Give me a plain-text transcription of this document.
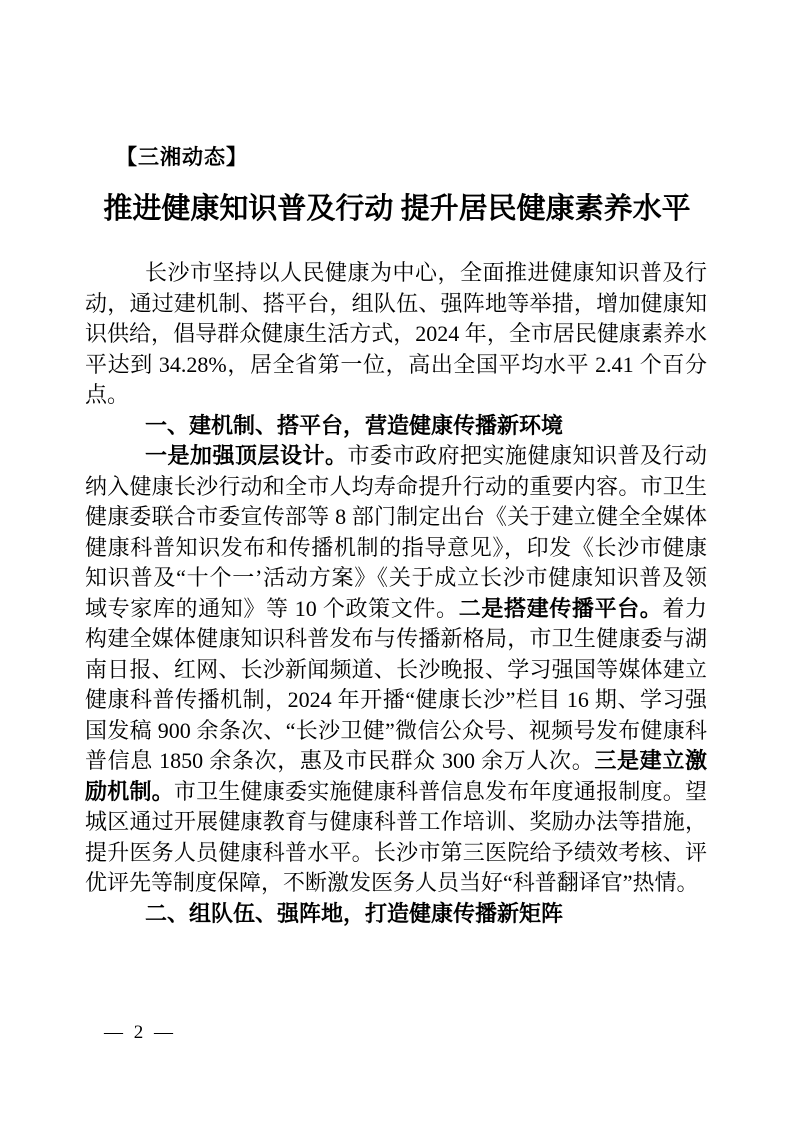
【三湘动态】
推进健康知识普及行动 提升居民健康素养水平

长沙市坚持以人民健康为中心，全面推进健康知识普及行动，通过建机制、搭平台，组队伍、强阵地等举措，增加健康知识供给，倡导群众健康生活方式，2024 年，全市居民健康素养水平达到 34.28%，居全省第一位，高出全国平均水平 2.41 个百分点。

一、建机制、搭平台，营造健康传播新环境

一是加强顶层设计。市委市政府把实施健康知识普及行动纳入健康长沙行动和全市人均寿命提升行动的重要内容。市卫生健康委联合市委宣传部等 8 部门制定出台《关于建立健全全媒体健康科普知识发布和传播机制的指导意见》，印发《长沙市健康知识普及“十个一’活动方案》《关于成立长沙市健康知识普及领域专家库的通知》等 10 个政策文件。二是搭建传播平台。着力构建全媒体健康知识科普发布与传播新格局，市卫生健康委与湖南日报、红网、长沙新闻频道、长沙晚报、学习强国等媒体建立健康科普传播机制，2024 年开播“健康长沙”栏目 16 期、学习强国发稿 900 余条次、“长沙卫健”微信公众号、视频号发布健康科普信息 1850 余条次，惠及市民群众 300 余万人次。三是建立激励机制。市卫生健康委实施健康科普信息发布年度通报制度。望城区通过开展健康教育与健康科普工作培训、奖励办法等措施，提升医务人员健康科普水平。长沙市第三医院给予绩效考核、评优评先等制度保障，不断激发医务人员当好“科普翻译官”热情。

二、组队伍、强阵地，打造健康传播新矩阵
— 2 —
